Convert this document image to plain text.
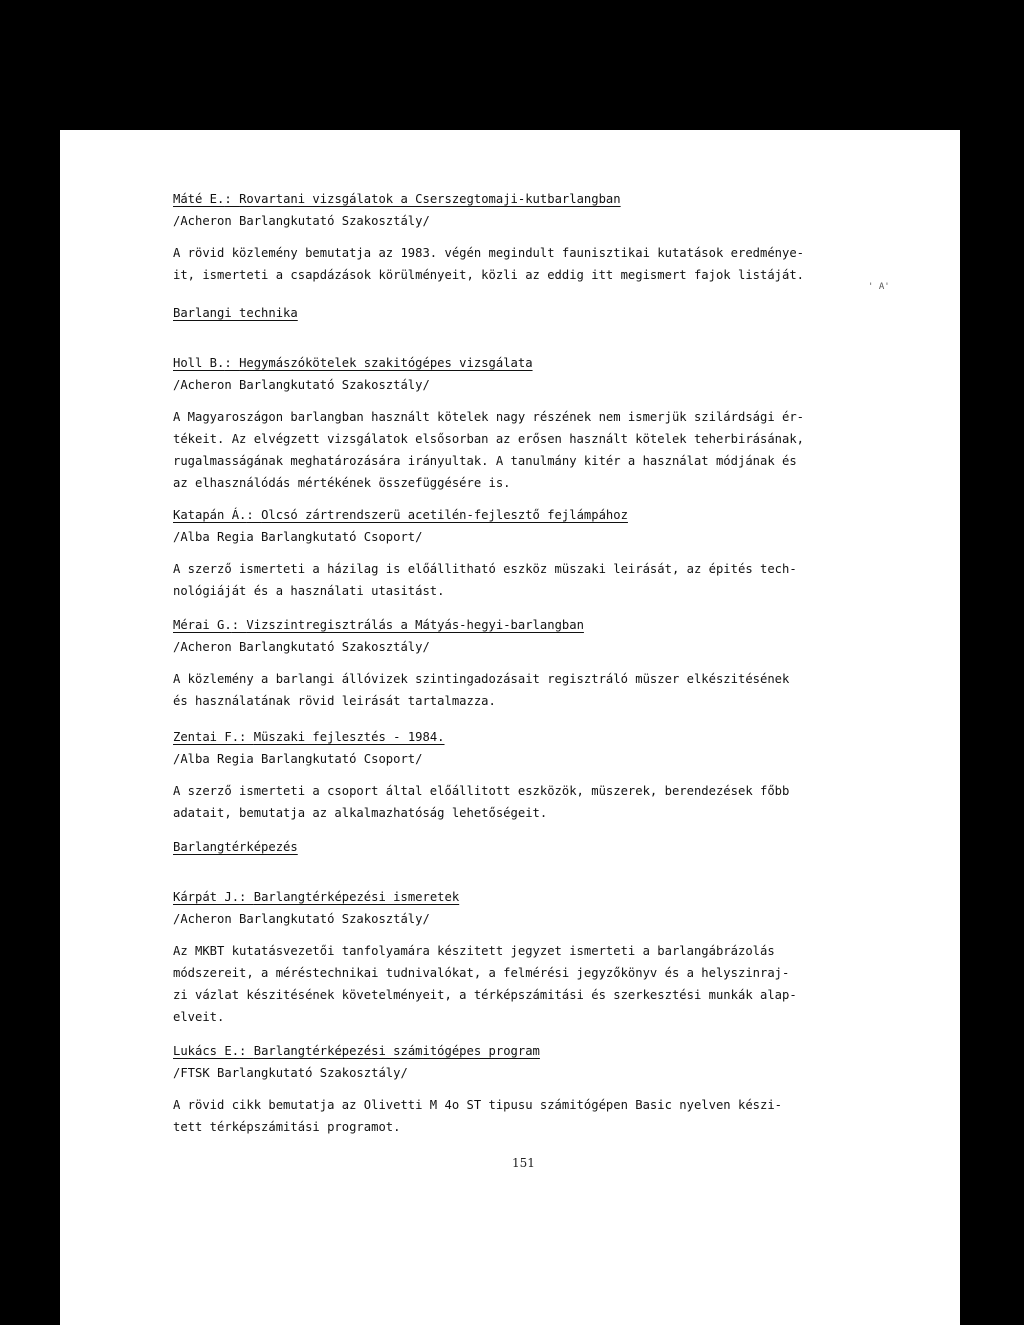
Máté E.: Rovartani vizsgálatok a Cserszegtomaji-kutbarlangban
/Acheron Barlangkutató Szakosztály/
A rövid közlemény bemutatja az 1983. végén megindult faunisztikai kutatások eredménye-
it, ismerteti a csapdázások körülményeit, közli az eddig itt megismert fajok listáját.
' A'
Barlangi technika
Holl B.: Hegymászókötelek szakitógépes vizsgálata
/Acheron Barlangkutató Szakosztály/
A Magyaroszágon barlangban használt kötelek nagy részének nem ismerjük szilárdsági ér-
tékeit. Az elvégzett vizsgálatok elsősorban az erősen használt kötelek teherbirásának,
rugalmasságának meghatározására irányultak. A tanulmány kitér a használat módjának és
az elhasználódás mértékének összefüggésére is.
Katapán Á.: Olcsó zártrendszerü acetilén-fejlesztő fejlámpához
/Alba Regia Barlangkutató Csoport/
A szerző ismerteti a házilag is előállitható eszköz müszaki leirását, az épités tech-
nológiáját és a használati utasitást.
Mérai G.: Vizszintregisztrálás a Mátyás-hegyi-barlangban
/Acheron Barlangkutató Szakosztály/
A közlemény a barlangi állóvizek szintingadozásait regisztráló müszer elkészitésének
és használatának rövid leirását tartalmazza.
Zentai F.: Müszaki fejlesztés - 1984.
/Alba Regia Barlangkutató Csoport/
A szerző ismerteti a csoport által előállitott eszközök, müszerek, berendezések főbb
adatait, bemutatja az alkalmazhatóság lehetőségeit.
Barlangtérképezés
Kárpát J.: Barlangtérképezési ismeretek
/Acheron Barlangkutató Szakosztály/
Az MKBT kutatásvezetői tanfolyamára készitett jegyzet ismerteti a barlangábrázolás
módszereit, a méréstechnikai tudnivalókat, a felmérési jegyzőkönyv és a helyszinraj-
zi vázlat készitésének követelményeit, a térképszámitási és szerkesztési munkák alap-
elveit.
Lukács E.: Barlangtérképezési számitógépes program
/FTSK Barlangkutató Szakosztály/
A rövid cikk bemutatja az Olivetti M 4o ST tipusu számitógépen Basic nyelven készi-
tett térképszámitási programot.
151
